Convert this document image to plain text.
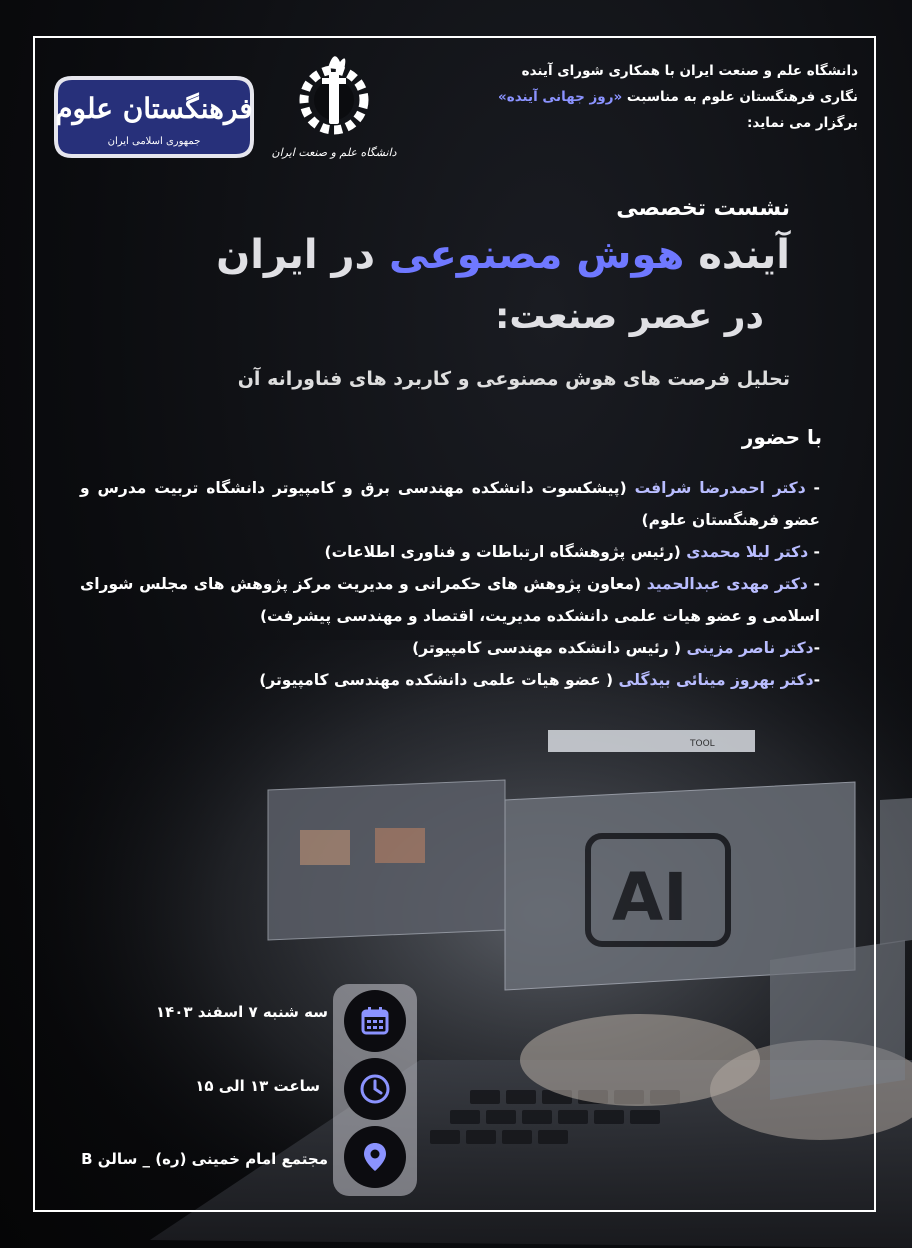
AI
TOOL
فرهنگستان علوم
جمهوری اسلامی ایران
دانشگاه علم و صنعت ایران
دانشگاه علم و صنعت ایران با همکاری شورای آینده
نگاری فرهنگستان علوم به مناسبت «روز جهانی آینده»
برگزار می نماید:
نشست تخصصی
آینده هوش مصنوعی در ایران
در عصر صنعت:
تحلیل فرصت های هوش مصنوعی و کاربرد های فناورانه آن
با حضور

- دکتر احمدرضا شرافت (پیشکسوت دانشکده مهندسی برق و کامپیوتر دانشگاه تربیت مدرس و عضو فرهنگستان علوم)

- دکتر لیلا محمدی (رئیس پژوهشگاه ارتباطات و فناوری اطلاعات)

- دکتر مهدی عبدالحمید (معاون پژوهش های حکمرانی و مدیریت مرکز پژوهش های مجلس شورای اسلامی و عضو هیات علمی دانشکده مدیریت، اقتصاد و مهندسی پیشرفت)

-دکتر ناصر مزینی ( رئیس دانشکده مهندسی کامپیوتر)

-دکتر بهروز مینائی بیدگلی ( عضو هیات علمی دانشکده مهندسی کامپیوتر)

سه شنبه ۷ اسفند ۱۴۰۳
ساعت ۱۳ الی ۱۵
مجتمع امام خمینی (ره) _ سالن B
